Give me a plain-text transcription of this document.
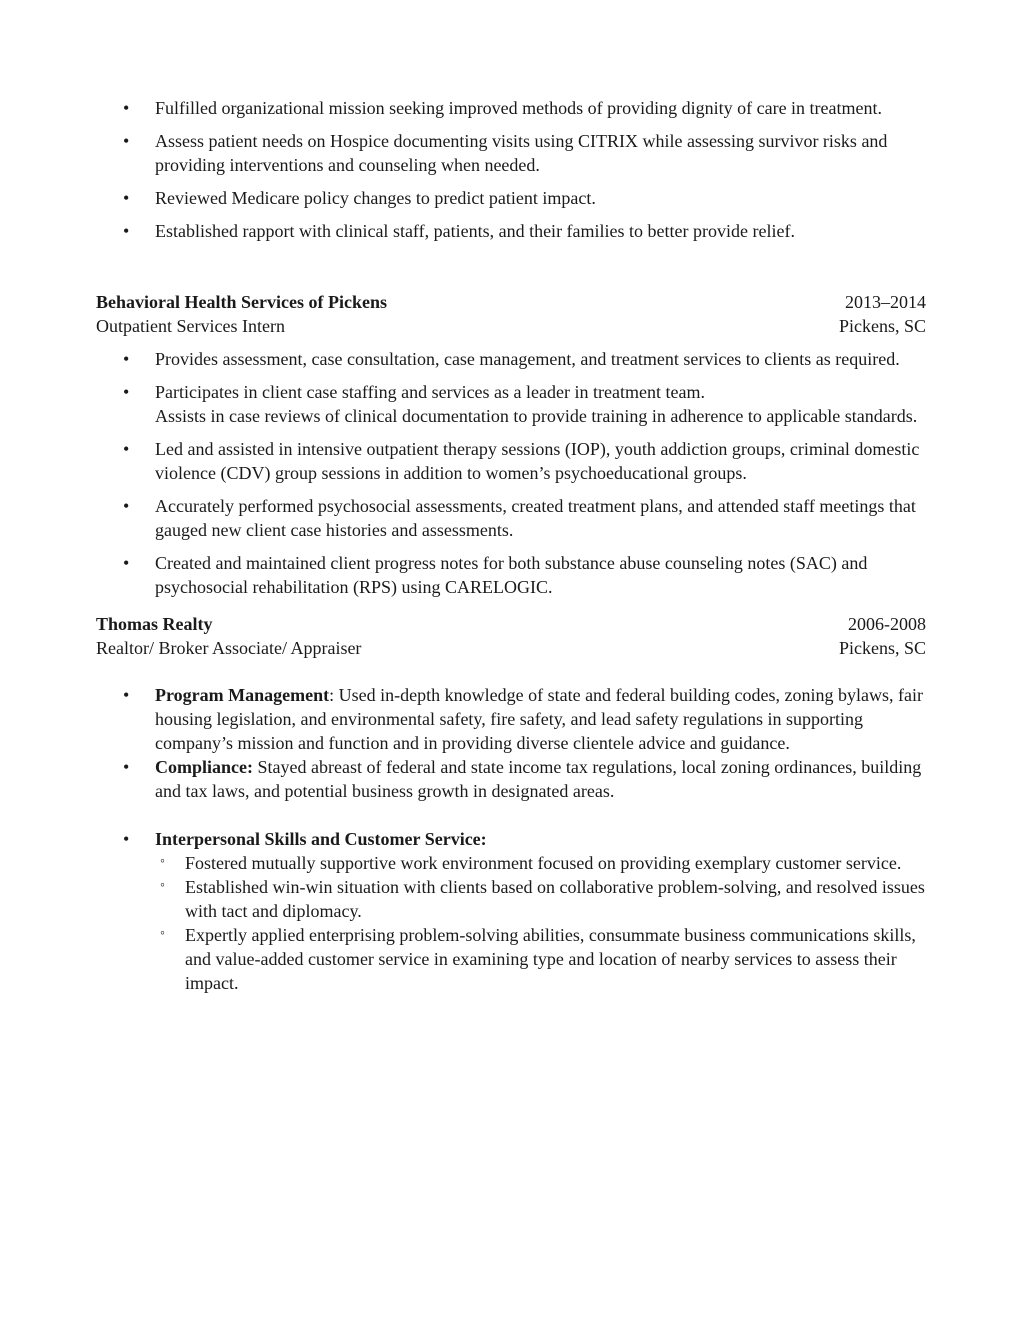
• Fulfilled organizational mission seeking improved methods of providing dignity of care in treatment.
• Assess patient needs on Hospice documenting visits using CITRIX while assessing survivor risks and providing interventions and counseling when needed.
• Reviewed Medicare policy changes to predict patient impact.
• Established rapport with clinical staff, patients, and their families to better provide relief.
Behavioral Health Services of Pickens	2013–2014
Outpatient Services Intern	Pickens, SC
• Provides assessment, case consultation, case management, and treatment services to clients as required.
• Participates in client case staffing and services as a leader in treatment team.
Assists in case reviews of clinical documentation to provide training in adherence to applicable standards.
• Led and assisted in intensive outpatient therapy sessions (IOP), youth addiction groups, criminal domestic violence (CDV) group sessions in addition to women’s psychoeducational groups.
• Accurately performed psychosocial assessments, created treatment plans, and attended staff meetings that gauged new client case histories and assessments.
• Created and maintained client progress notes for both substance abuse counseling notes (SAC) and psychosocial rehabilitation (RPS) using CARELOGIC.
Thomas Realty	2006-2008
Realtor/ Broker Associate/ Appraiser	Pickens, SC
• Program Management: Used in-depth knowledge of state and federal building codes, zoning bylaws, fair housing legislation, and environmental safety, fire safety, and lead safety regulations in supporting company’s mission and function and in providing diverse clientele advice and guidance.
• Compliance: Stayed abreast of federal and state income tax regulations, local zoning ordinances, building and tax laws, and potential business growth in designated areas.
• Interpersonal Skills and Customer Service:
◦ Fostered mutually supportive work environment focused on providing exemplary customer service.
◦ Established win-win situation with clients based on collaborative problem-solving, and resolved issues with tact and diplomacy.
◦ Expertly applied enterprising problem-solving abilities, consummate business communications skills, and value-added customer service in examining type and location of nearby services to assess their impact.
